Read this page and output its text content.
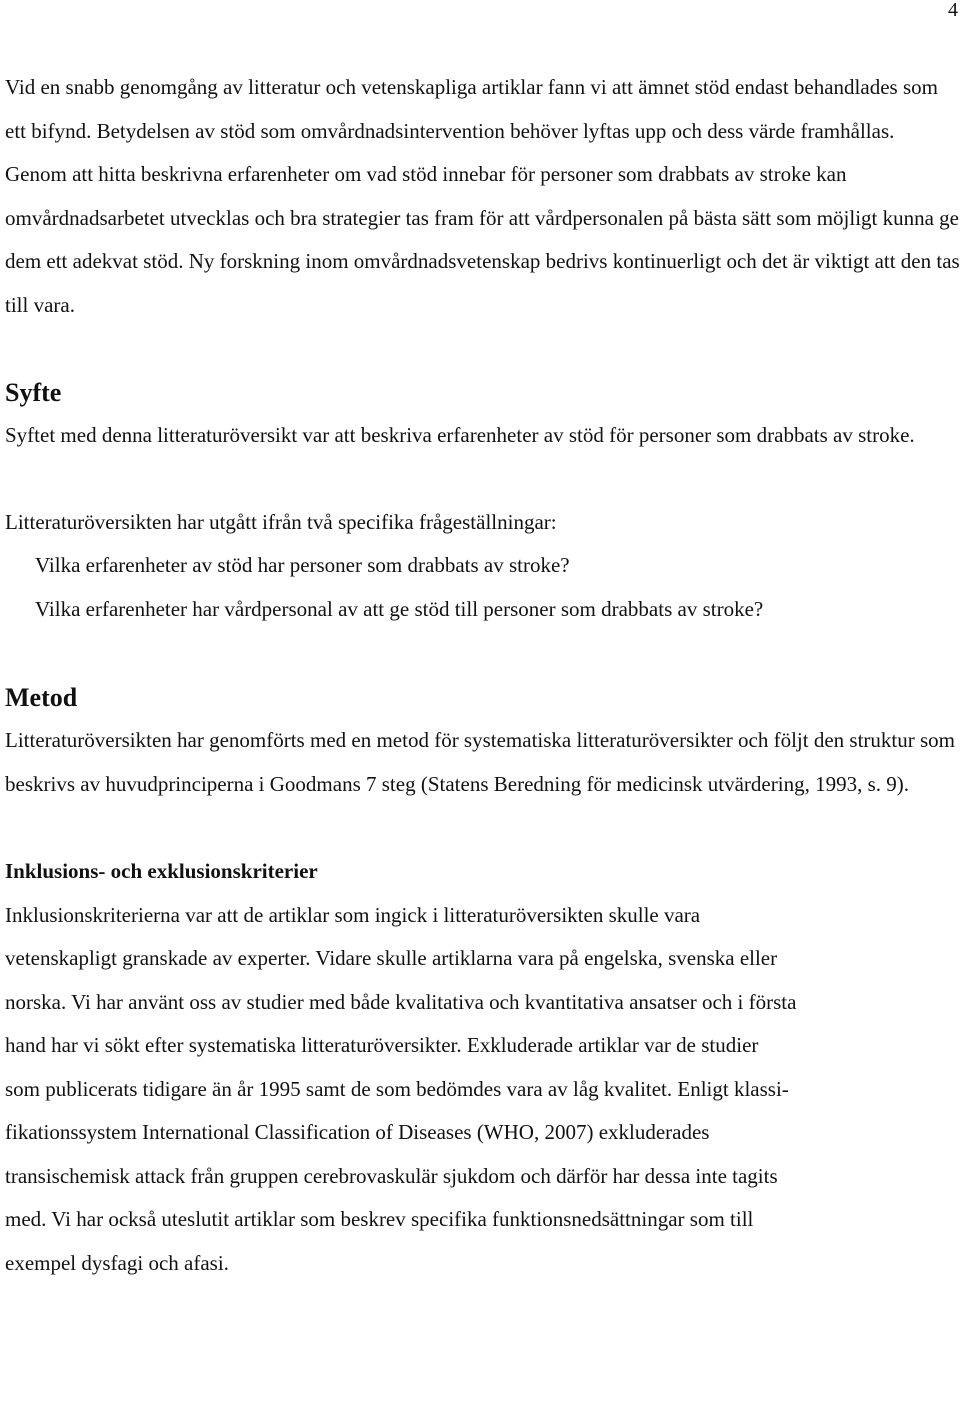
4

Vid en snabb genomgång av litteratur och vetenskapliga artiklar fann vi att ämnet stöd endast behandlades som ett bifynd. Betydelsen av stöd som omvårdnadsintervention behöver lyftas upp och dess värde framhållas. Genom att hitta beskrivna erfarenheter om vad stöd innebar för personer som drabbats av stroke kan omvårdnadsarbetet utvecklas och bra strategier tas fram för att vårdpersonalen på bästa sätt som möjligt kunna ge dem ett adekvat stöd. Ny forskning inom omvårdnadsvetenskap bedrivs kontinuerligt och det är viktigt att den tas till vara.

Syfte

Syftet med denna litteraturöversikt var att beskriva erfarenheter av stöd för personer som drabbats av stroke.

Litteraturöversikten har utgått ifrån två specifika frågeställningar:

Vilka erfarenheter av stöd har personer som drabbats av stroke?

Vilka erfarenheter har vårdpersonal av att ge stöd till personer som drabbats av stroke?

Metod

Litteraturöversikten har genomförts med en metod för systematiska litteraturöversikter och följt den struktur som beskrivs av huvudprinciperna i Goodmans 7 steg (Statens Beredning för medicinsk utvärdering, 1993, s. 9).

Inklusions- och exklusionskriterier

Inklusionskriterierna var att de artiklar som ingick i litteraturöversikten skulle vara

vetenskapligt granskade av experter. Vidare skulle artiklarna vara på engelska, svenska eller

norska. Vi har använt oss av studier med både kvalitativa och kvantitativa ansatser och i första

hand har vi sökt efter systematiska litteraturöversikter. Exkluderade artiklar var de studier

som publicerats tidigare än år 1995 samt de som bedömdes vara av låg kvalitet. Enligt klassi-

fikationssystem International Classification of Diseases (WHO, 2007) exkluderades

transischemisk attack från gruppen cerebrovaskulär sjukdom och därför har dessa inte tagits

med. Vi har också uteslutit artiklar som beskrev specifika funktionsnedsättningar som till

exempel dysfagi och afasi.
